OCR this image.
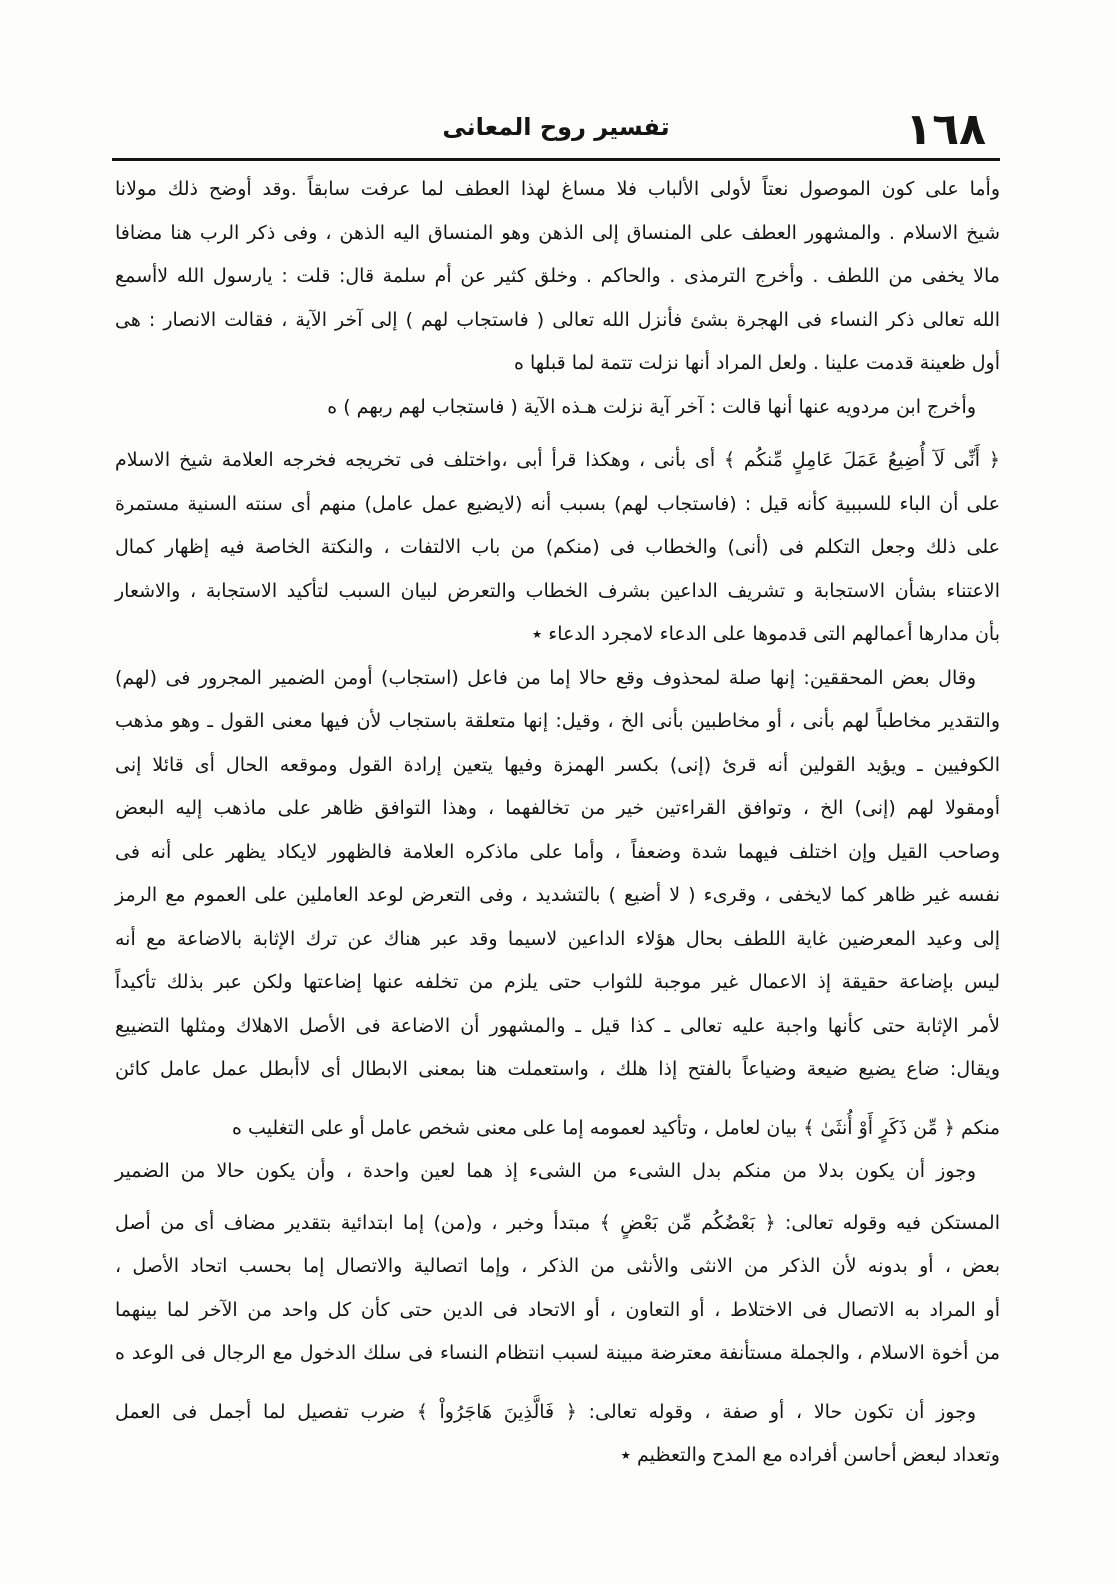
تفسير روح المعانى	١٦٨
وأما على كون الموصول نعتاً لأولى الألباب فلا مساغ لهذا العطف لما عرفت سابقاً .وقد أوضح ذلك مولانا
شيخ الاسلام . والمشهور العطف على المنساق إلى الذهن وهو المنساق اليه الذهن ، وفى ذكر الرب هنا مضافا
مالا يخفى من اللطف . وأخرج الترمذى . والحاكم . وخلق كثير عن أم سلمة قال: قلت : يارسول الله لاأسمع
الله تعالى ذكر النساء فى الهجرة بشئ فأنزل الله تعالى ( فاستجاب لهم ) إلى آخر الآية ، فقالت الانصار : هى
أول ظعينة قدمت علينا . ولعل المراد أنها نزلت تتمة لما قبلها ه
وأخرج ابن مردويه عنها أنها قالت : آخر آية نزلت هـذه الآية ( فاستجاب لهم ربهم ) ه
﴿ أَنِّى لَآ أُضِيعُ عَمَلَ عَامِلٍ مِّنكُم ﴾ أى بأنى ، وهكذا قرأ أبى ،واختلف فى تخريجه فخرجه العلامة شيخ الاسلام
على أن الباء للسببية كأنه قيل : (فاستجاب لهم) بسبب أنه (لايضيع عمل عامل) منهم أى سنته السنية مستمرة
على ذلك وجعل التكلم فى (أنى) والخطاب فى (منكم) من باب الالتفات ، والنكتة الخاصة فيه إظهار كمال
الاعتناء بشأن الاستجابة و تشريف الداعين بشرف الخطاب والتعرض لبيان السبب لتأكيد الاستجابة ، والاشعار
بأن مدارها أعمالهم التى قدموها على الدعاء لامجرد الدعاء ٭
وقال بعض المحققين: إنها صلة لمحذوف وقع حالا إما من فاعل (استجاب) أومن الضمير المجرور فى (لهم)
والتقدير مخاطباً لهم بأنى ، أو مخاطبين بأنى الخ ، وقيل: إنها متعلقة باستجاب لأن فيها معنى القول ـ وهو مذهب
الكوفيين ـ ويؤيد القولين أنه قرئ (إنى) بكسر الهمزة وفيها يتعين إرادة القول وموقعه الحال أى قائلا إنى
أومقولا لهم (إنى) الخ ، وتوافق القراءتين خير من تخالفهما ، وهذا التوافق ظاهر على ماذهب إليه البعض
وصاحب القيل وإن اختلف فيهما شدة وضعفاً ، وأما على ماذكره العلامة فالظهور لايكاد يظهر على أنه فى
نفسه غير ظاهر كما لايخفى ، وقرىء ( لا أضيع ) بالتشديد ، وفى التعرض لوعد العاملين على العموم مع الرمز
إلى وعيد المعرضين غاية اللطف بحال هؤلاء الداعين لاسيما وقد عبر هناك عن ترك الإثابة بالاضاعة مع أنه
ليس بإضاعة حقيقة إذ الاعمال غير موجبة للثواب حتى يلزم من تخلفه عنها إضاعتها ولكن عبر بذلك تأكيداً
لأمر الإثابة حتى كأنها واجبة عليه تعالى ـ كذا قيل ـ والمشهور أن الاضاعة فى الأصل الاهلاك ومثلها التضييع
ويقال: ضاع يضيع ضيعة وضياعاً بالفتح إذا هلك ، واستعملت هنا بمعنى الابطال أى لاأبطل عمل عامل كائن
منكم ﴿ مِّن ذَكَرٍ أَوْ أُنثَىٰ ﴾ بيان لعامل ، وتأكيد لعمومه إما على معنى شخص عامل أو على التغليب ه
وجوز أن يكون بدلا من منكم بدل الشىء من الشىء إذ هما لعين واحدة ، وأن يكون حالا من الضمير
المستكن فيه وقوله تعالى: ﴿ بَعْضُكُم مِّن بَعْضٍ ﴾ مبتدأ وخبر ، و(من) إما ابتدائية بتقدير مضاف أى من أصل
بعض ، أو بدونه لأن الذكر من الانثى والأنثى من الذكر ، وإما اتصالية والاتصال إما بحسب اتحاد الأصل ،
أو المراد به الاتصال فى الاختلاط ، أو التعاون ، أو الاتحاد فى الدين حتى كأن كل واحد من الآخر لما بينهما
من أخوة الاسلام ، والجملة مستأنفة معترضة مبينة لسبب انتظام النساء فى سلك الدخول مع الرجال فى الوعد ه
وجوز أن تكون حالا ، أو صفة ، وقوله تعالى: ﴿ فَالَّذِينَ هَاجَرُواْ ﴾ ضرب تفصيل لما أجمل فى العمل
وتعداد لبعض أحاسن أفراده مع المدح والتعظيم ٭
